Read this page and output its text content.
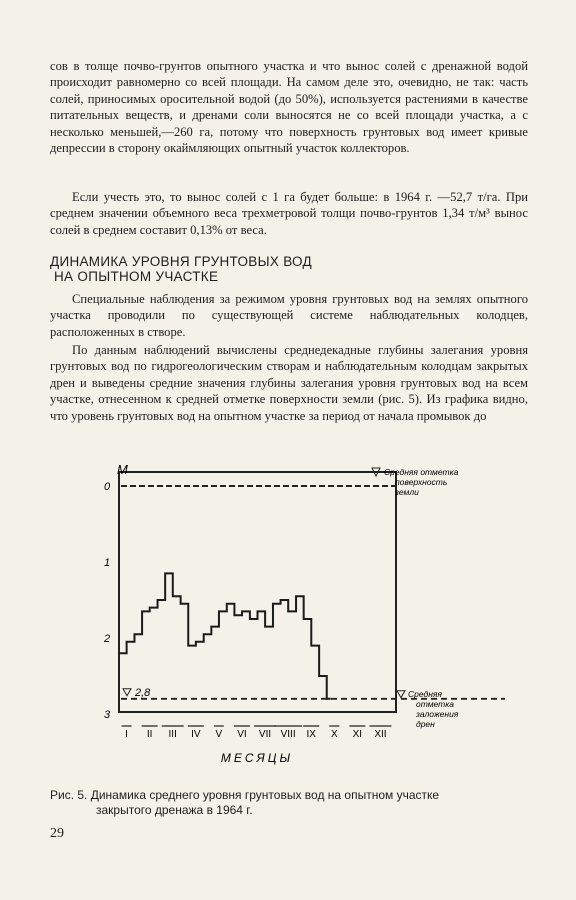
сов в толще почво-грунтов опытного участка и что вынос солей с дренажной водой происходит равномерно со всей площади. На самом деле это, очевидно, не так: часть солей, приносимых оросительной водой (до 50%), используется растениями в качестве питательных веществ, и дренами соли выносятся не со всей площади участка, а с несколько меньшей,—260 га, потому что поверхность грунтовых вод имеет кривые депрессии в сторону окаймляющих опытный участок коллекторов.

Если учесть это, то вынос солей с 1 га будет больше: в 1964 г. —52,7 т/га. При среднем значении объемного веса трехметровой толщи почво-грунтов 1,34 т/м³ вынос солей в среднем составит 0,13% от веса.

ДИНАМИКА УРОВНЯ ГРУНТОВЫХ ВОД
НА ОПЫТНОМ УЧАСТКЕ

Специальные наблюдения за режимом уровня грунтовых вод на землях опытного участка проводили по существующей системе наблюдательных колодцев, расположенных в створе.

По данным наблюдений вычислены среднедекадные глубины залегания уровня грунтовых вод по гидрогеологическим створам и наблюдательным колодцам закрытых дрен и выведены средние значения глубины залегания уровня грунтовых вод на всем участке, отнесенном к средней отметке поверхности земли (рис. 5). Из графика видно, что уровень грунтовых вод на опытном участке за период от начала промывок до

М
0
1
2
3
I II III IV V VI VII VIII IX X XI XII
Средняя отметка поверхность земли
2,8	Средняя отметка заложения дрен
МЕСЯЦЫ

Рис. 5. Динамика среднего уровня грунтовых вод на опытном участке
закрытого дренажа в 1964 г.

29
